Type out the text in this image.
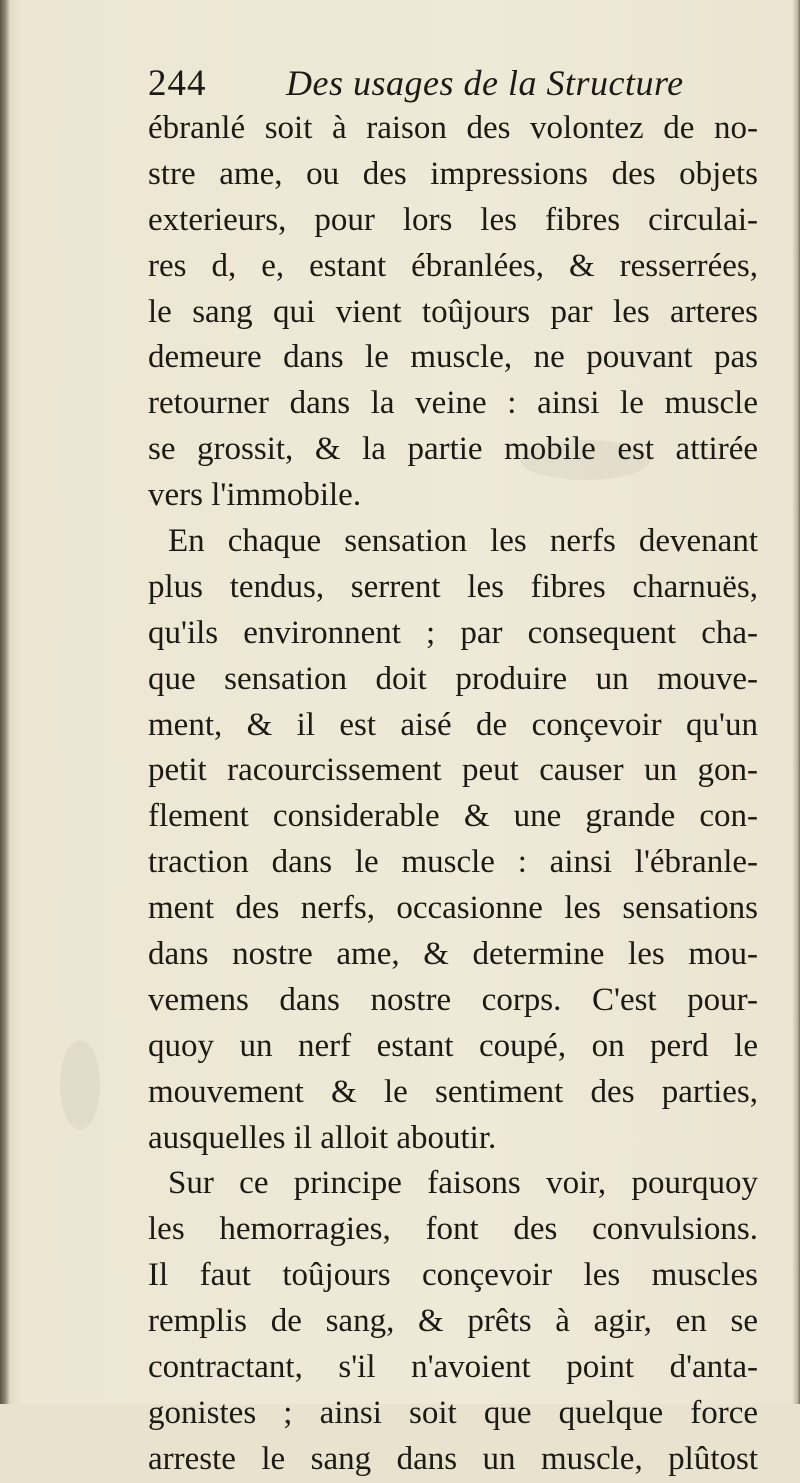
244 Des usages de la Structure
ébranlé soit à raison des volontez de no-
stre ame, ou des impressions des objets
exterieurs, pour lors les fibres circulai-
res d, e, estant ébranlées, & resserrées,
le sang qui vient toûjours par les arteres
demeure dans le muscle, ne pouvant pas
retourner dans la veine : ainsi le muscle
se grossit, & la partie mobile est attirée
vers l'immobile.
En chaque sensation les nerfs devenant
plus tendus, serrent les fibres charnuës,
qu'ils environnent ; par consequent cha-
que sensation doit produire un mouve-
ment, & il est aisé de conçevoir qu'un
petit racourcissement peut causer un gon-
flement considerable & une grande con-
traction dans le muscle : ainsi l'ébranle-
ment des nerfs, occasionne les sensations
dans nostre ame, & determine les mou-
vemens dans nostre corps. C'est pour-
quoy un nerf estant coupé, on perd le
mouvement & le sentiment des parties,
ausquelles il alloit aboutir.
Sur ce principe faisons voir, pourquoy
les hemorragies, font des convulsions.
Il faut toûjours conçevoir les muscles
remplis de sang, & prêts à agir, en se
contractant, s'il n'avoient point d'anta-
gonistes ; ainsi soit que quelque force
arreste le sang dans un muscle, plûtost
